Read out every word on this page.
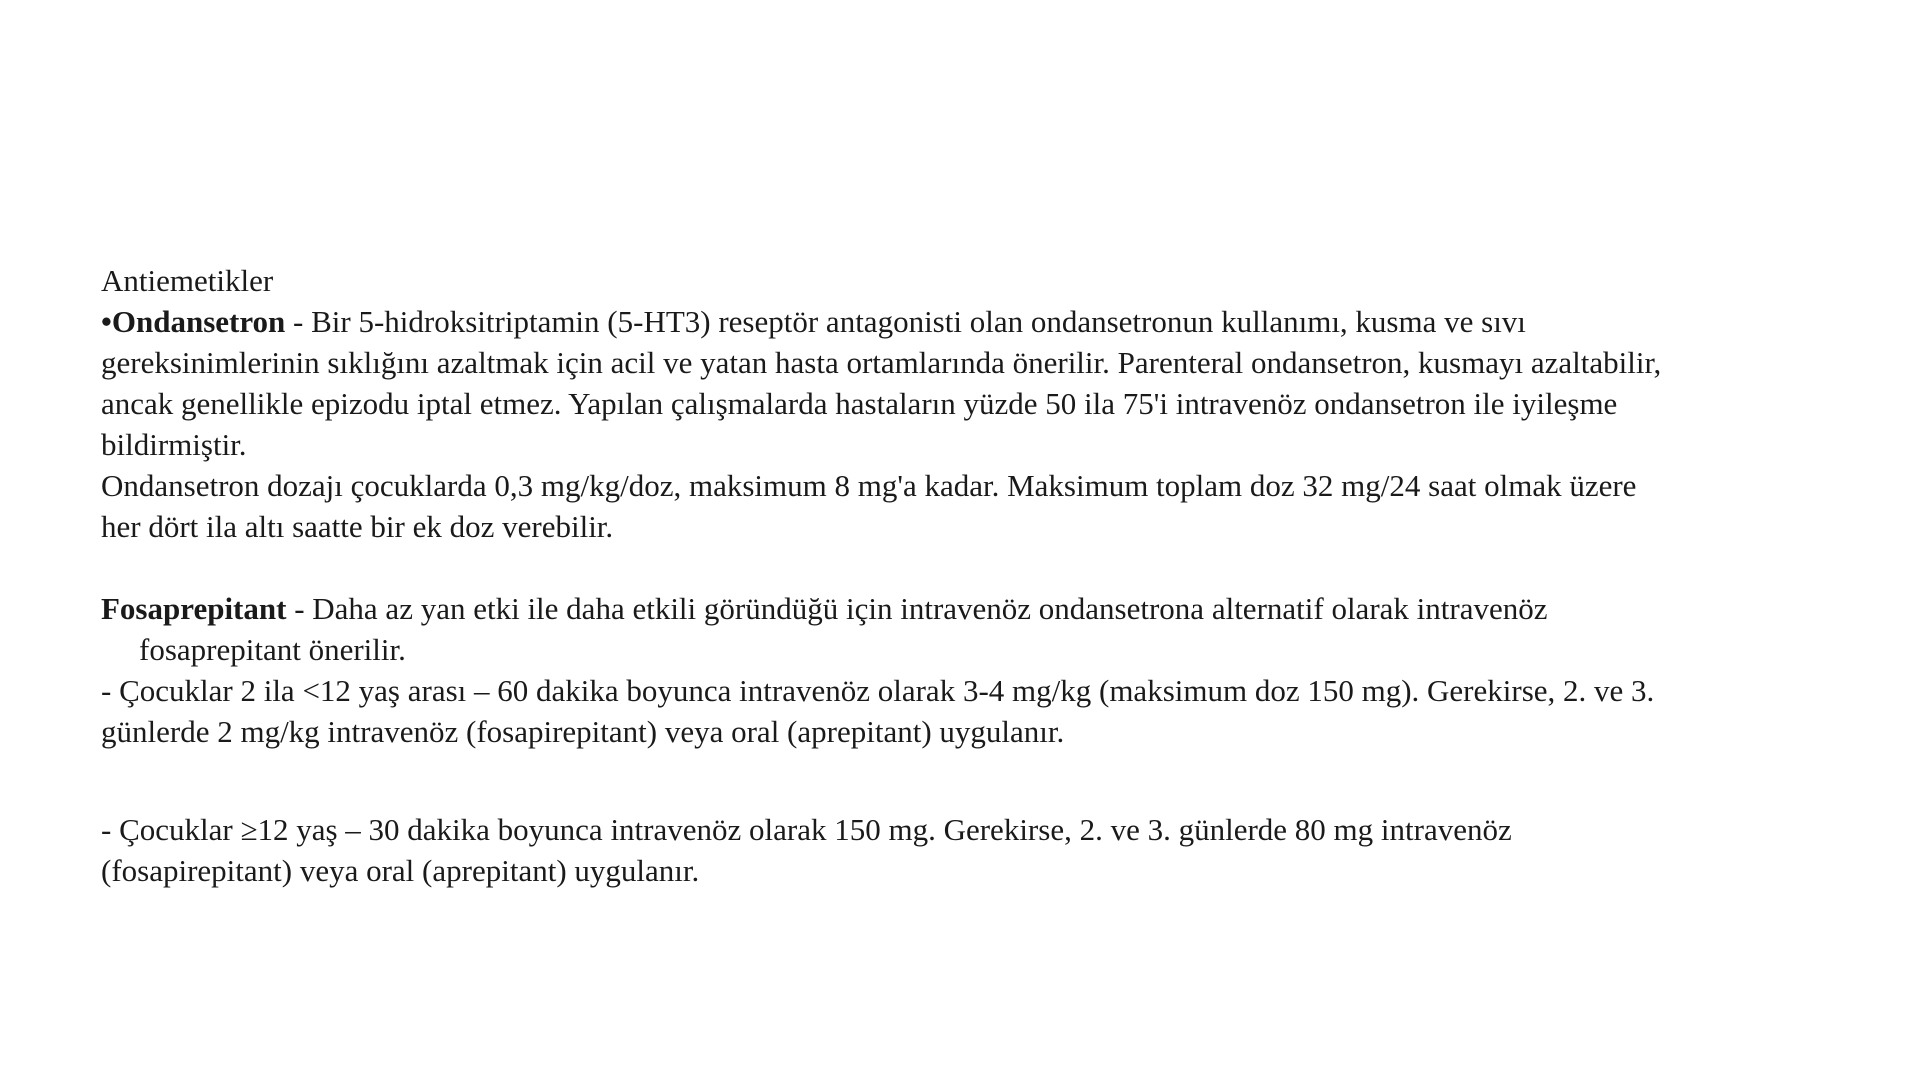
Antiemetikler
•Ondansetron - Bir 5-hidroksitriptamin (5-HT3) reseptör antagonisti olan ondansetronun kullanımı, kusma ve sıvı
gereksinimlerinin sıklığını azaltmak için acil ve yatan hasta ortamlarında önerilir. Parenteral ondansetron, kusmayı azaltabilir,
ancak genellikle epizodu iptal etmez. Yapılan çalışmalarda hastaların yüzde 50 ila 75'i intravenöz ondansetron ile iyileşme
bildirmiştir.
Ondansetron dozajı çocuklarda 0,3 mg/kg/doz, maksimum 8 mg'a kadar. Maksimum toplam doz 32 mg/24 saat olmak üzere
her dört ila altı saatte bir ek doz verebilir.
Fosaprepitant - Daha az yan etki ile daha etkili göründüğü için intravenöz ondansetrona alternatif olarak intravenöz
fosaprepitant önerilir.
- Çocuklar 2 ila <12 yaş arası – 60 dakika boyunca intravenöz olarak 3-4 mg/kg (maksimum doz 150 mg). Gerekirse, 2. ve 3.
günlerde 2 mg/kg intravenöz (fosapirepitant) veya oral (aprepitant) uygulanır.
- Çocuklar ≥12 yaş – 30 dakika boyunca intravenöz olarak 150 mg. Gerekirse, 2. ve 3. günlerde 80 mg intravenöz
(fosapirepitant) veya oral (aprepitant) uygulanır.
